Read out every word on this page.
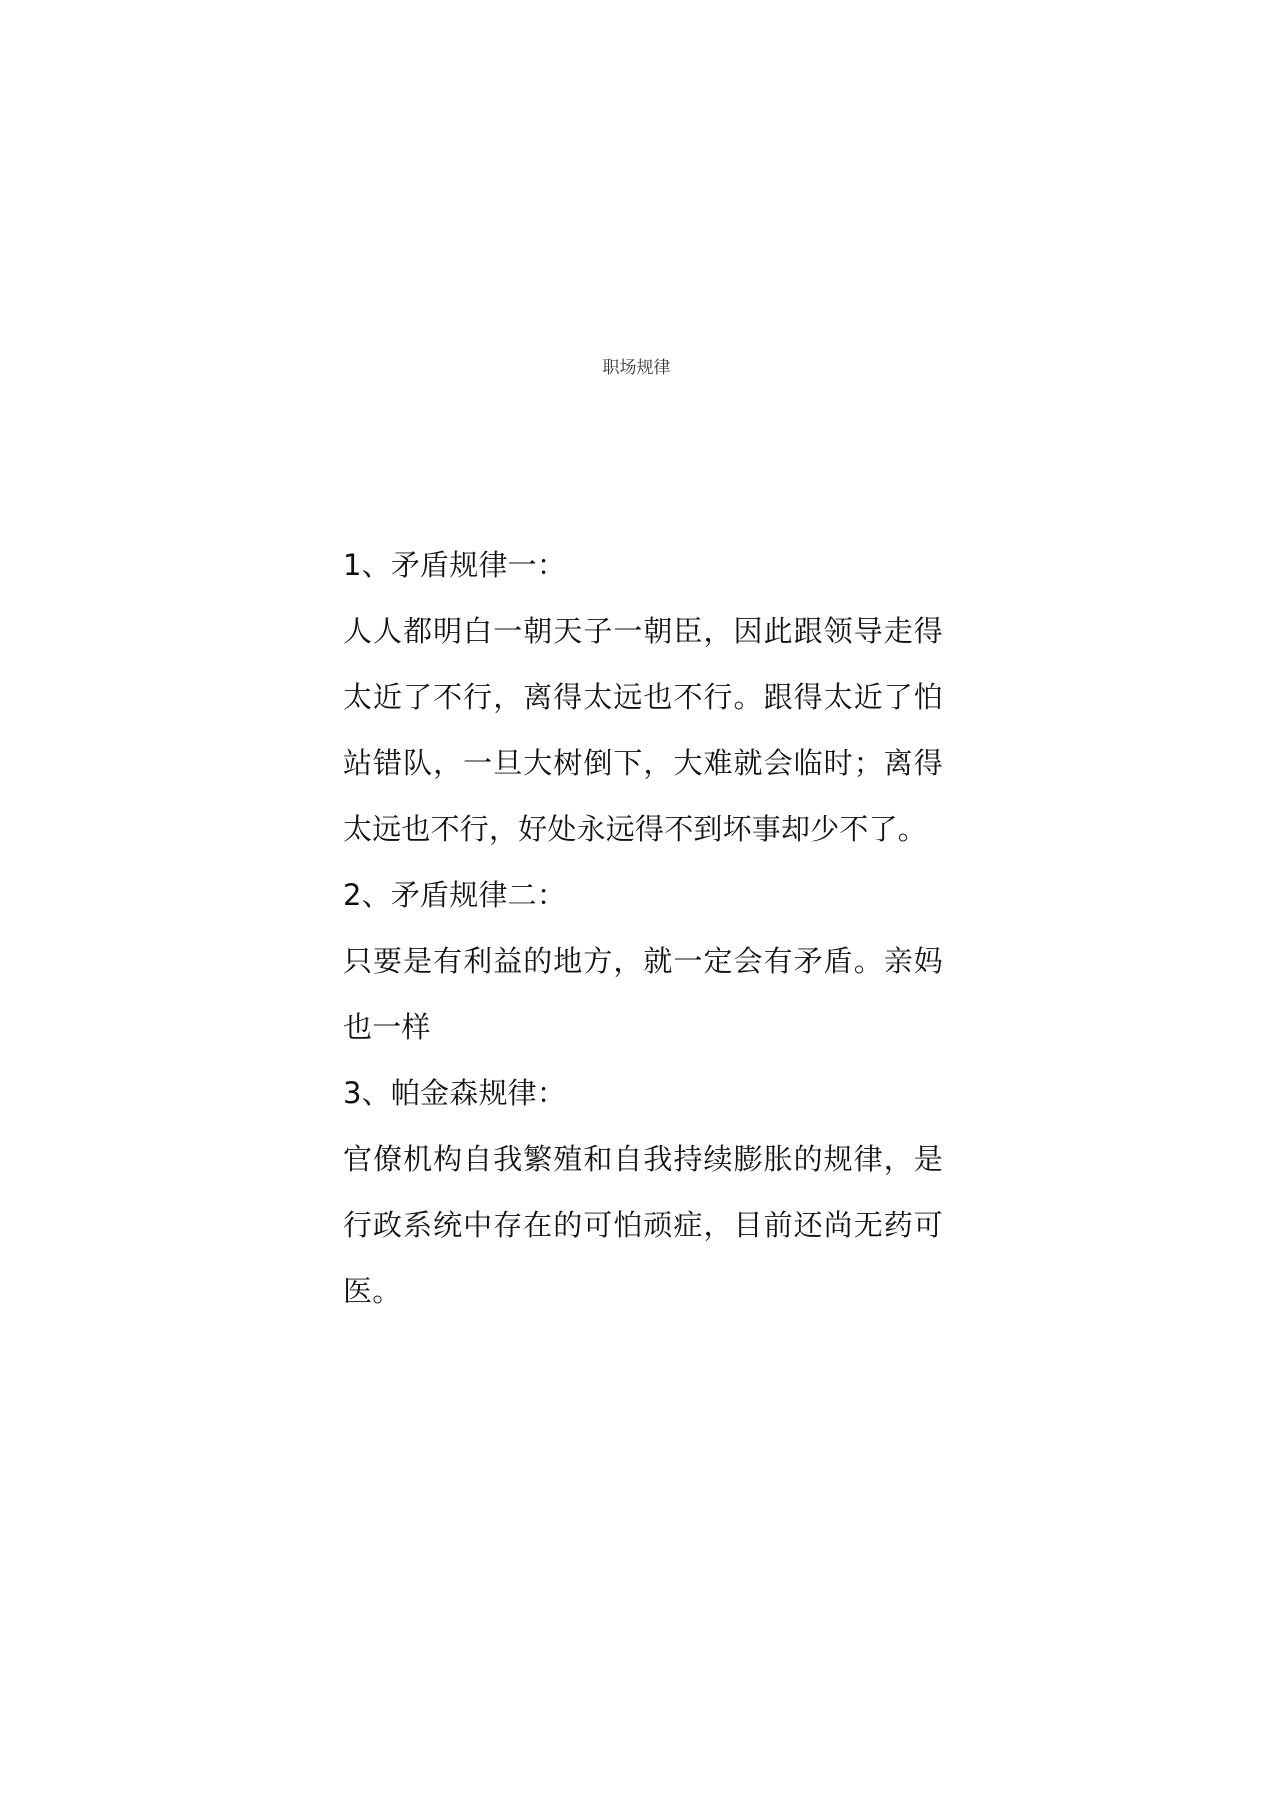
职场规律

1、矛盾规律一：

人人都明白一朝天子一朝臣，因此跟领导走得太近了不行，离得太远也不行。跟得太近了怕站错队，一旦大树倒下，大难就会临时；离得太远也不行，好处永远得不到坏事却少不了。

2、矛盾规律二：

只要是有利益的地方，就一定会有矛盾。亲妈也一样

3、帕金森规律：

官僚机构自我繁殖和自我持续膨胀的规律，是行政系统中存在的可怕顽症，目前还尚无药可医。
